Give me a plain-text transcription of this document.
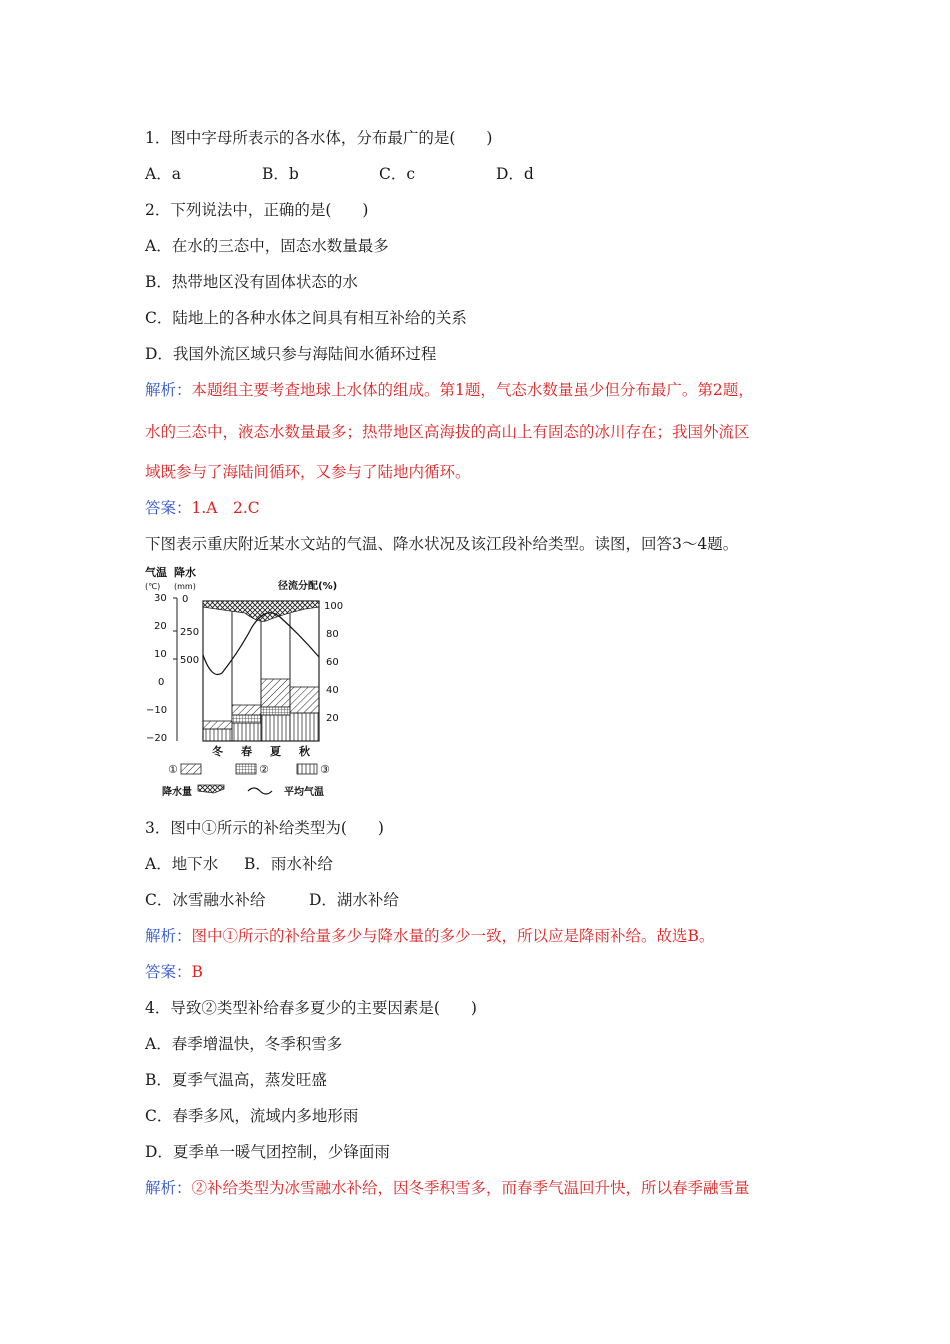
1．图中字母所表示的各水体，分布最广的是(　　)
A．a	B．b	C．c	D．d
2．下列说法中，正确的是(　　)
A．在水的三态中，固态水数量最多
B．热带地区没有固体状态的水
C．陆地上的各种水体之间具有相互补给的关系
D．我国外流区域只参与海陆间水循环过程
解析：本题组主要考查地球上水体的组成。第1题，气态水数量虽少但分布最广。第2题，
水的三态中，液态水数量最多；热带地区高海拔的高山上有固态的冰川存在；我国外流区
域既参与了海陆间循环，又参与了陆地内循环。
答案：1.A　2.C
下图表示重庆附近某水文站的气温、降水状况及该江段补给类型。读图，回答3～4题。
气温 降水
(℃) (mm)	径流分配(%)
30
20
10
0
−10
−20
0
250
500
100
80
60
40
20
冬 春 夏 秋
①	②	③
降水量	平均气温
3．图中①所示的补给类型为(　　)
A．地下水 B．雨水补给
C．冰雪融水补给	D．湖水补给
解析：图中①所示的补给量多少与降水量的多少一致，所以应是降雨补给。故选B。
答案：B
4．导致②类型补给春多夏少的主要因素是(　　)
A．春季增温快，冬季积雪多
B．夏季气温高，蒸发旺盛
C．春季多风，流域内多地形雨
D．夏季单一暖气团控制，少锋面雨
解析：②补给类型为冰雪融水补给，因冬季积雪多，而春季气温回升快，所以春季融雪量
